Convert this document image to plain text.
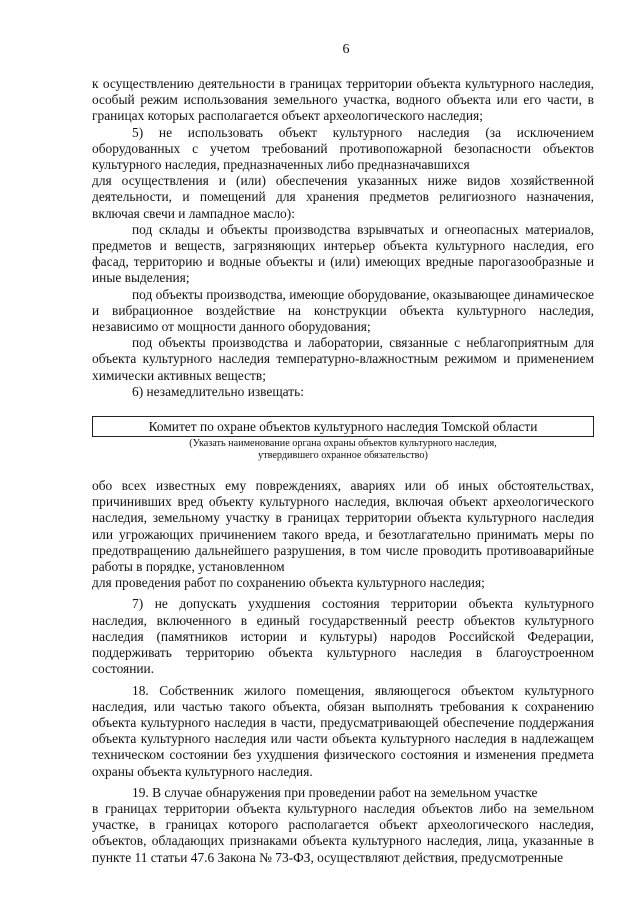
6

к осуществлению деятельности в границах территории объекта культурного наследия, особый режим использования земельного участка, водного объекта или его части, в границах которых располагается объект археологического наследия;

5) не использовать объект культурного наследия (за исключением оборудованных с учетом требований противопожарной безопасности объектов культурного наследия, предназначенных либо предназначавшихся

для осуществления и (или) обеспечения указанных ниже видов хозяйственной деятельности, и помещений для хранения предметов религиозного назначения, включая свечи и лампадное масло):

под склады и объекты производства взрывчатых и огнеопасных материалов, предметов и веществ, загрязняющих интерьер объекта культурного наследия, его фасад, территорию и водные объекты и (или) имеющих вредные парогазообразные и иные выделения;

под объекты производства, имеющие оборудование, оказывающее динамическое и вибрационное воздействие на конструкции объекта культурного наследия, независимо от мощности данного оборудования;

под объекты производства и лаборатории, связанные с неблагоприятным для объекта культурного наследия температурно-влажностным режимом и применением химически активных веществ;

6) незамедлительно извещать:

Комитет по охране объектов культурного наследия Томской области
(Указать наименование органа охраны объектов культурного наследия,
утвердившего охранное обязательство)

обо всех известных ему повреждениях, авариях или об иных обстоятельствах, причинивших вред объекту культурного наследия, включая объект археологического наследия, земельному участку в границах территории объекта культурного наследия или угрожающих причинением такого вреда, и безотлагательно принимать меры по предотвращению дальнейшего разрушения, в том числе проводить противоаварийные работы в порядке, установленном

для проведения работ по сохранению объекта культурного наследия;

7) не допускать ухудшения состояния территории объекта культурного наследия, включенного в единый государственный реестр объектов культурного наследия (памятников истории и культуры) народов Российской Федерации, поддерживать территорию объекта культурного наследия в благоустроенном состоянии.

18. Собственник жилого помещения, являющегося объектом культурного наследия, или частью такого объекта, обязан выполнять требования к сохранению объекта культурного наследия в части, предусматривающей обеспечение поддержания объекта культурного наследия или части объекта культурного наследия в надлежащем техническом состоянии без ухудшения физического состояния и изменения предмета охраны объекта культурного наследия.

19. В случае обнаружения при проведении работ на земельном участке

в границах территории объекта культурного наследия объектов либо на земельном участке, в границах которого располагается объект археологического наследия, объектов, обладающих признаками объекта культурного наследия, лица, указанные в пункте 11 статьи 47.6 Закона № 73-ФЗ, осуществляют действия, предусмотренные
